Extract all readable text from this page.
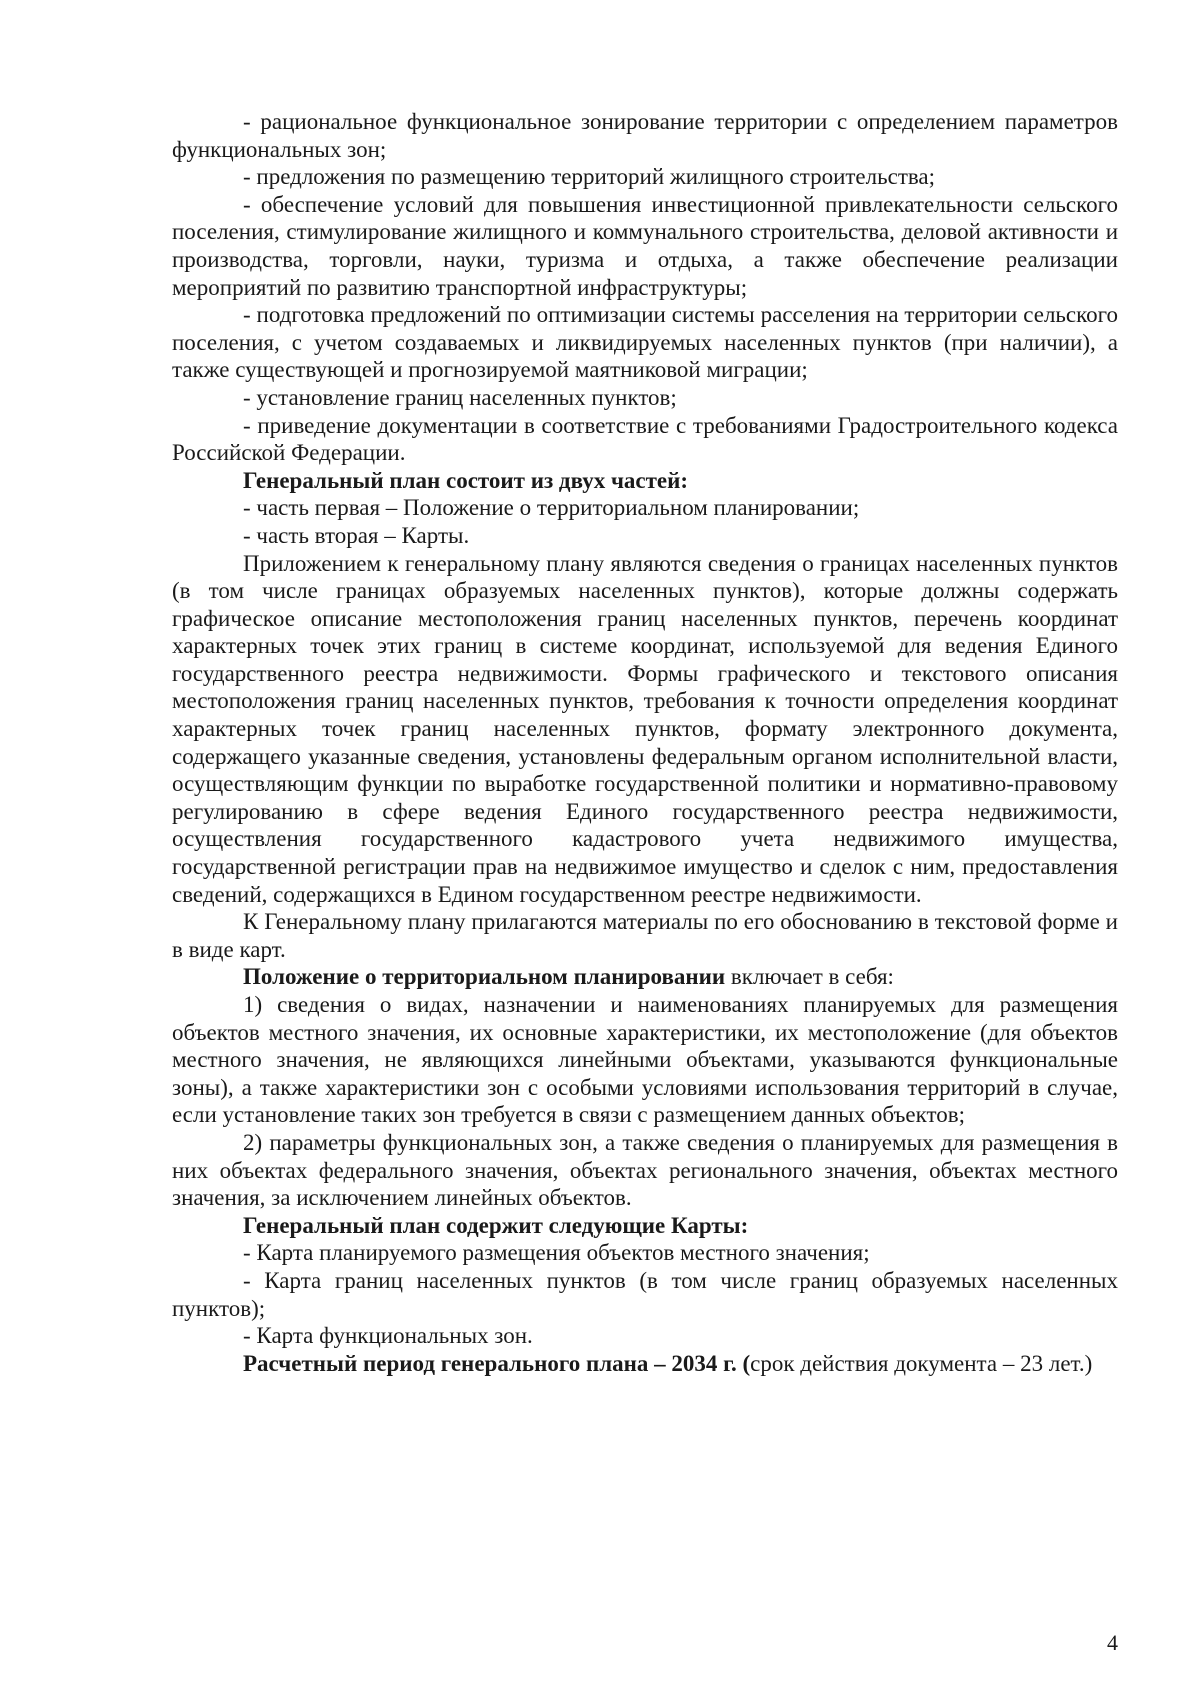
- рациональное функциональное зонирование территории с определением параметров функциональных зон;

- предложения по размещению территорий жилищного строительства;

- обеспечение условий для повышения инвестиционной привлекательности сельского поселения, стимулирование жилищного и коммунального строительства, деловой активности и производства, торговли, науки, туризма и отдыха, а также обеспечение реализации мероприятий по развитию транспортной инфраструктуры;

- подготовка предложений по оптимизации системы расселения на территории сельского поселения, с учетом создаваемых и ликвидируемых населенных пунктов (при наличии), а также существующей и прогнозируемой маятниковой миграции;

- установление границ населенных пунктов;

- приведение документации в соответствие с требованиями Градостроительного кодекса Российской Федерации.

Генеральный план состоит из двух частей:

- часть первая – Положение о территориальном планировании;

- часть вторая – Карты.

Приложением к генеральному плану являются сведения о границах населенных пунктов (в том числе границах образуемых населенных пунктов), которые должны содержать графическое описание местоположения границ населенных пунктов, перечень координат характерных точек этих границ в системе координат, используемой для ведения Единого государственного реестра недвижимости. Формы графического и текстового описания местоположения границ населенных пунктов, требования к точности определения координат характерных точек границ населенных пунктов, формату электронного документа, содержащего указанные сведения, установлены федеральным органом исполнительной власти, осуществляющим функции по выработке государственной политики и нормативно-правовому регулированию в сфере ведения Единого государственного реестра недвижимости, осуществления государственного кадастрового учета недвижимого имущества, государственной регистрации прав на недвижимое имущество и сделок с ним, предоставления сведений, содержащихся в Едином государственном реестре недвижимости.

К Генеральному плану прилагаются материалы по его обоснованию в текстовой форме и в виде карт.

Положение о территориальном планировании включает в себя:

1) сведения о видах, назначении и наименованиях планируемых для размещения объектов местного значения, их основные характеристики, их местоположение (для объектов местного значения, не являющихся линейными объектами, указываются функциональные зоны), а также характеристики зон с особыми условиями использования территорий в случае, если установление таких зон требуется в связи с размещением данных объектов;

2) параметры функциональных зон, а также сведения о планируемых для размещения в них объектах федерального значения, объектах регионального значения, объектах местного значения, за исключением линейных объектов.

Генеральный план содержит следующие Карты:

- Карта планируемого размещения объектов местного значения;

- Карта границ населенных пунктов (в том числе границ образуемых населенных пунктов);

- Карта функциональных зон.

Расчетный период генерального плана – 2034 г. (срок действия документа – 23 лет.)

4
